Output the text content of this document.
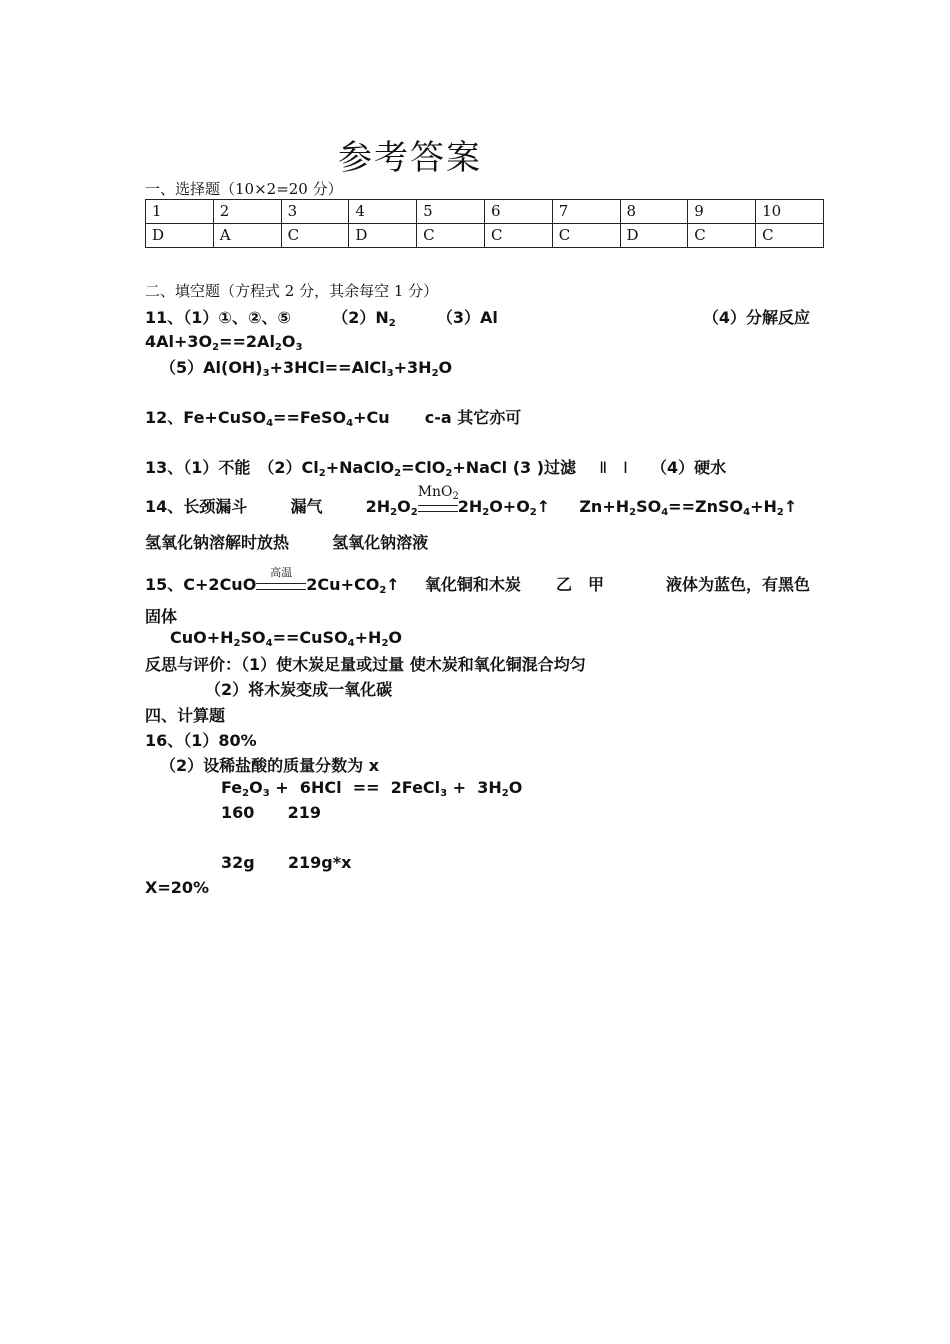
参考答案
一、选择题（10×2=20 分）
1	2	3	4	5	6	7	8	9	10
D	A	C	D	C	C	C	D	C	C
二、填空题（方程式 2 分，其余每空 1 分）
11、（1）①、②、⑤	$(2)N_2$	（3）Al	（4）分解反应
$4Al+3O_2==2Al_2O_3$
$(5)Al(OH)_3+3HCl==AlCl_3+3H_2O$
12、Fe+CuSO$_4$==FeSO$_4$+Cu  c-a 其它亦可
13、（1）不能　$(2)Cl_2+NaClO_2=ClO_2+NaCl$ (3 )过滤 Ⅱ　Ⅰ （4）硬水
14、长颈漏斗	漏气  $2H_2O_2$
MnO$_2$
$2H_2O+O_2↑$  $Zn+H_2SO_4==ZnSO_4+H_2↑$
氢氧化钠溶解时放热	氢氧化钠溶液
15、C+2CuO
高温
$2Cu+CO_2↑$  氧化铜和木炭 乙　甲	液体为蓝色，有黑色
固体
$CuO+H_2SO_4==CuSO_4+H_2O$
反思与评价：（1）使木炭足量或过量 使木炭和氧化铜混合均匀
（2）将木炭变成一氧化碳
四、计算题
16、（1）80%
（2）设稀盐酸的质量分数为 x
$Fe_2O_3 + 6HCl$  ==  2FeCl$_3$ +  $3H_2O$
160 219
32g 219g*x
X=20%
